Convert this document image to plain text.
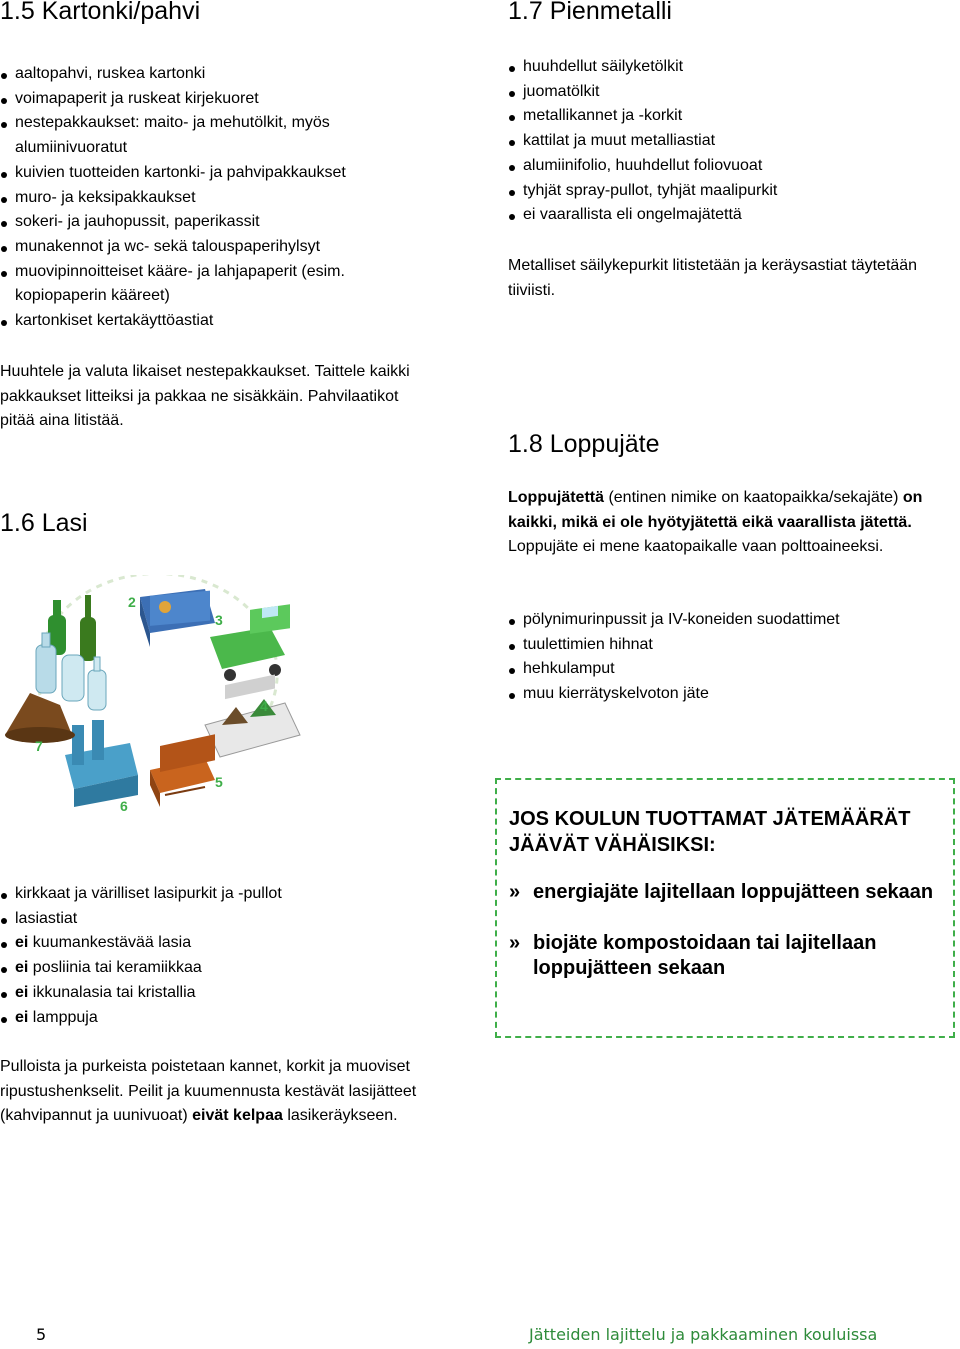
1.5 Kartonki/pahvi
aaltopahvi, ruskea kartonki
voimapaperit ja ruskeat kirjekuoret
nestepakkaukset: maito- ja mehutölkit, myös alumiinivuoratut
kuivien tuotteiden kartonki- ja pahvipakkaukset
muro- ja keksipakkaukset
sokeri- ja jauhopussit, paperikassit
munakennot ja wc- sekä talouspaperihylsyt
muovipinnoitteiset kääre- ja lahjapaperit (esim. kopiopaperin kääreet)
kartonkiset kertakäyttöastiat

Huuhtele ja valuta likaiset nestepakkaukset. Taittele kaikki pakkaukset litteiksi ja pakkaa ne sisäkkäin. Pahvilaatikot pitää aina litistää.

1.7 Pienmetalli
huuhdellut säilyketölkit
juomatölkit
metallikannet ja -korkit
kattilat ja muut metalliastiat
alumiinifolio, huuhdellut foliovuoat
tyhjät spray-pullot, tyhjät maalipurkit
ei vaarallista eli ongelmajätettä

Metalliset säilykepurkit litistetään ja keräysastiat täytetään tiiviisti.

1.6 Lasi
♻
2
3
4
5
6
7
kirkkaat ja värilliset lasipurkit ja -pullot
lasiastiat
ei kuumankestävää lasia
ei posliinia tai keramiikkaa
ei ikkunalasia tai kristallia
ei lamppuja

Pulloista ja purkeista poistetaan kannet, korkit ja muoviset ripustushenkselit. Peilit ja kuumennusta kestävät lasijätteet (kahvipannut ja uunivuoat) eivät kelpaa lasikeräykseen.

1.8 Loppujäte

Loppujätettä (entinen nimike on kaatopaikka/sekajäte) on kaikki, mikä ei ole hyötyjätettä eikä vaarallista jätettä. Loppujäte ei mene kaatopaikalle vaan polttoaineeksi.

pölynimurinpussit ja IV-koneiden suodattimet
tuulettimien hihnat
hehkulamput
muu kierrätyskelvoton jäte
JOS KOULUN TUOTTAMAT JÄTEMÄÄRÄT JÄÄVÄT VÄHÄISIKSI:
» energiajäte lajitellaan loppujätteen sekaan
» biojäte kompostoidaan tai lajitellaan loppujätteen sekaan
5	Jätteiden lajittelu ja pakkaaminen kouluissa
